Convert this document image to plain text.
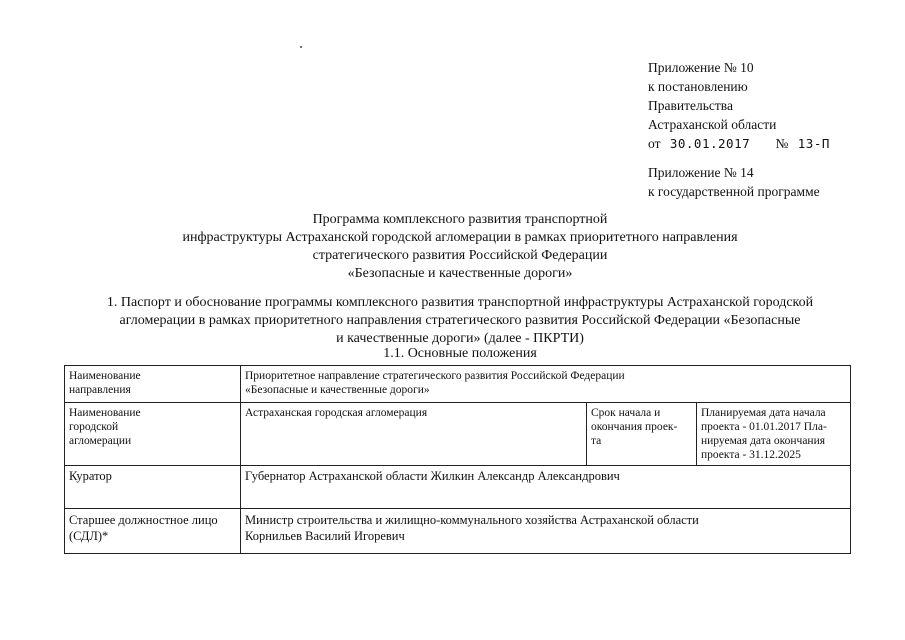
Приложение № 10
к постановлению
Правительства
Астраханской области
от 30.01.2017 № 13-П
Приложение № 14
к государственной программе
Программа комплексного развития транспортной
инфраструктуры Астраханской городской агломерации в рамках приоритетного направления
стратегического развития Российской Федерации
«Безопасные и качественные дороги»
1. Паспорт и обоснование программы комплексного развития транспортной инфраструктуры Астраханской городской
агломерации в рамках приоритетного направления стратегического развития Российской Федерации «Безопасные
и качественные дороги» (далее - ПКРТИ)
1.1. Основные положения
Наименование
направления	Приоритетное направление стратегического развития Российской Федерации
«Безопасные и качественные дороги»		

Наименование
городской
агломерации	Астраханская городская агломерация	Срок начала и
окончания проек-
та	Планируемая дата начала
проекта - 01.01.2017 Пла-
нируемая дата окончания
проекта - 31.12.2025

Куратор	Губернатор Астраханской области Жилкин Александр Александрович		

Старшее должностное лицо
(СДЛ)*	Министр строительства и жилищно-коммунального хозяйства Астраханской области
Корнильев Василий Игоревич		
